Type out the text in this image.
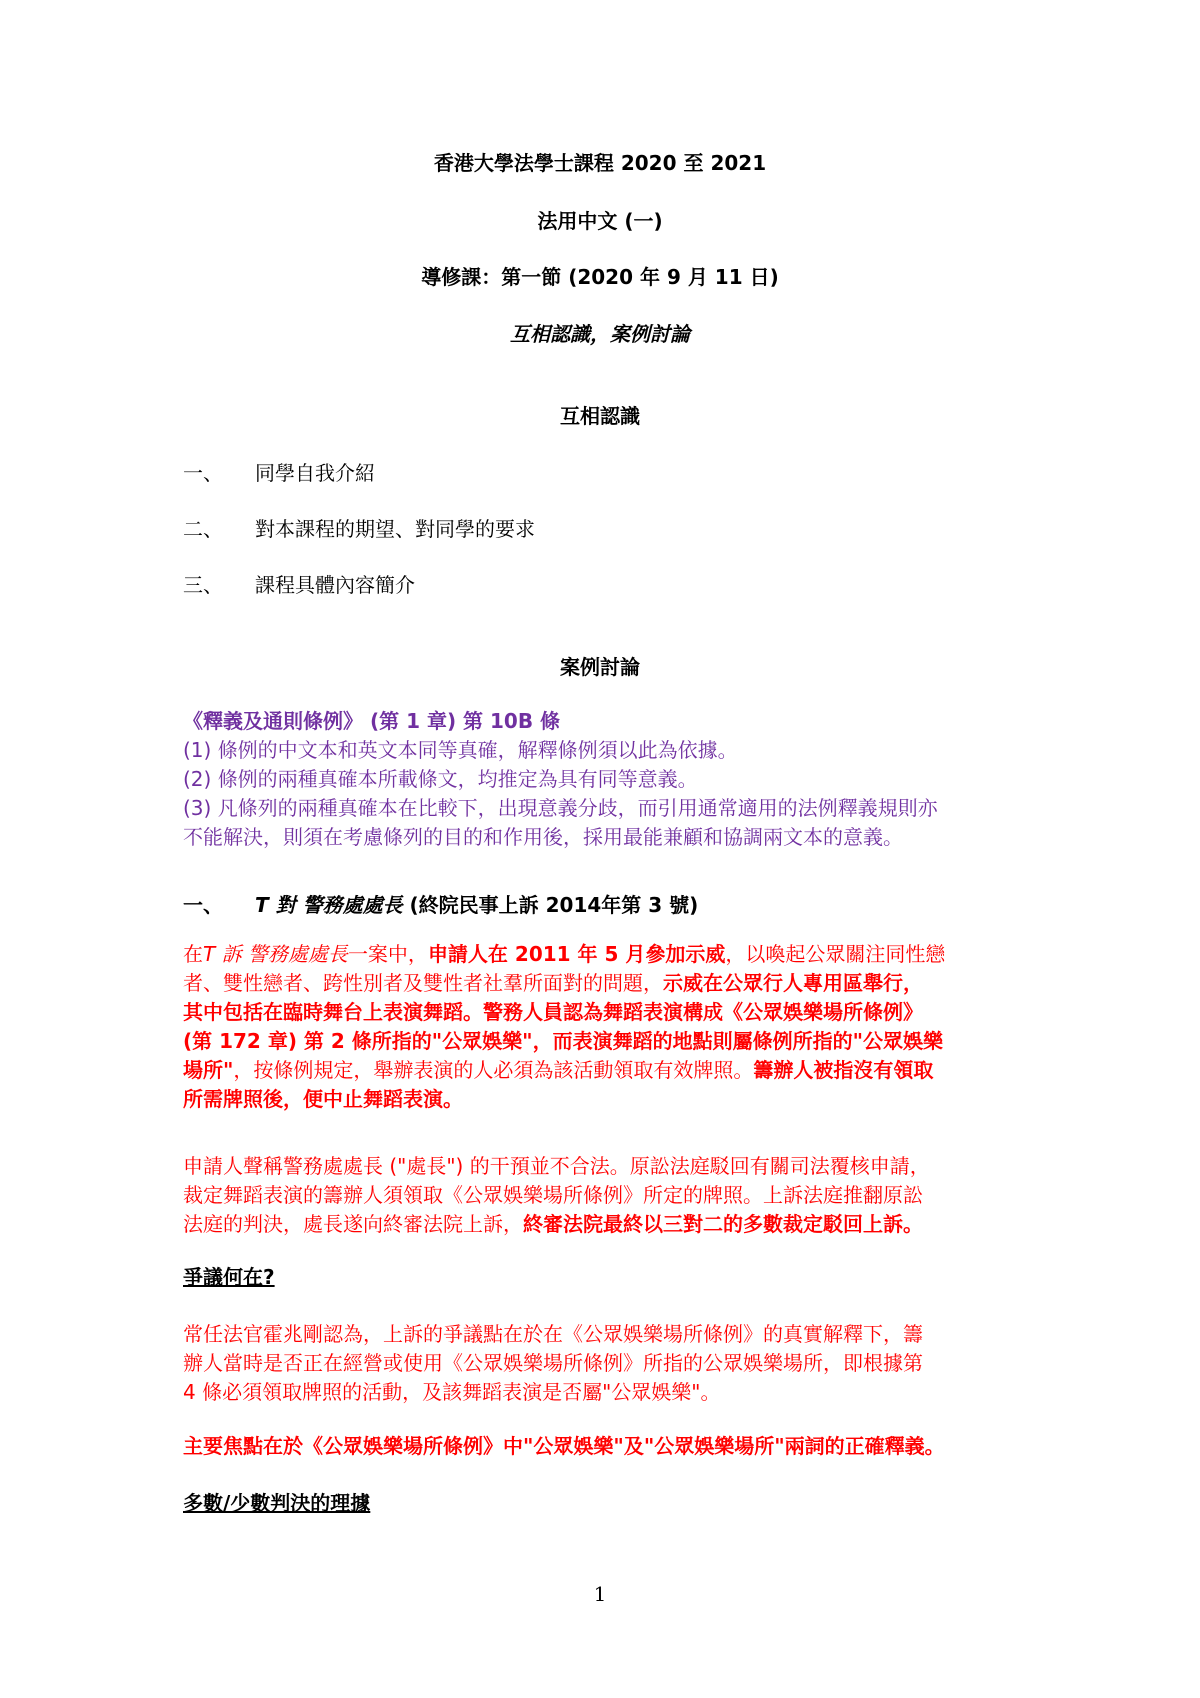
香港大學法學士課程 2020 至 2021
法用中文 (一)
導修課：第一節 (2020 年 9 月 11 日)
互相認識，案例討論
互相認識
一、 同學自我介紹
二、 對本課程的期望、對同學的要求
三、 課程具體內容簡介
案例討論
《釋義及通則條例》 (第 1 章) 第 10B 條
(1) 條例的中文本和英文本同等真確，解釋條例須以此為依據。
(2) 條例的兩種真確本所載條文，均推定為具有同等意義。
(3) 凡條列的兩種真確本在比較下，出現意義分歧，而引用通常適用的法例釋義規則亦
不能解決，則須在考慮條列的目的和作用後，採用最能兼顧和協調兩文本的意義。
一、 T 對 警務處處長 (終院民事上訴 2014年第 3 號)
在T 訴 警務處處長一案中，申請人在 2011 年 5 月參加示威，以喚起公眾關注同性戀
者、雙性戀者、跨性別者及雙性者社羣所面對的問題，示威在公眾行人專用區舉行，
其中包括在臨時舞台上表演舞蹈。警務人員認為舞蹈表演構成《公眾娛樂場所條例》
(第 172 章) 第 2 條所指的"公眾娛樂"，而表演舞蹈的地點則屬條例所指的"公眾娛樂
場所"，按條例規定，舉辦表演的人必須為該活動領取有效牌照。籌辦人被指沒有領取
所需牌照後，便中止舞蹈表演。
申請人聲稱警務處處長 ("處長") 的干預並不合法。原訟法庭駁回有關司法覆核申請，
裁定舞蹈表演的籌辦人須領取《公眾娛樂場所條例》所定的牌照。上訴法庭推翻原訟
法庭的判決，處長遂向終審法院上訴，終審法院最終以三對二的多數裁定駁回上訴。
爭議何在?
常任法官霍兆剛認為，上訴的爭議點在於在《公眾娛樂場所條例》的真實解釋下，籌
辦人當時是否正在經營或使用《公眾娛樂場所條例》所指的公眾娛樂場所，即根據第
4 條必須領取牌照的活動，及該舞蹈表演是否屬"公眾娛樂"。
主要焦點在於《公眾娛樂場所條例》中"公眾娛樂"及"公眾娛樂場所"兩詞的正確釋義。
多數/少數判決的理據
1
